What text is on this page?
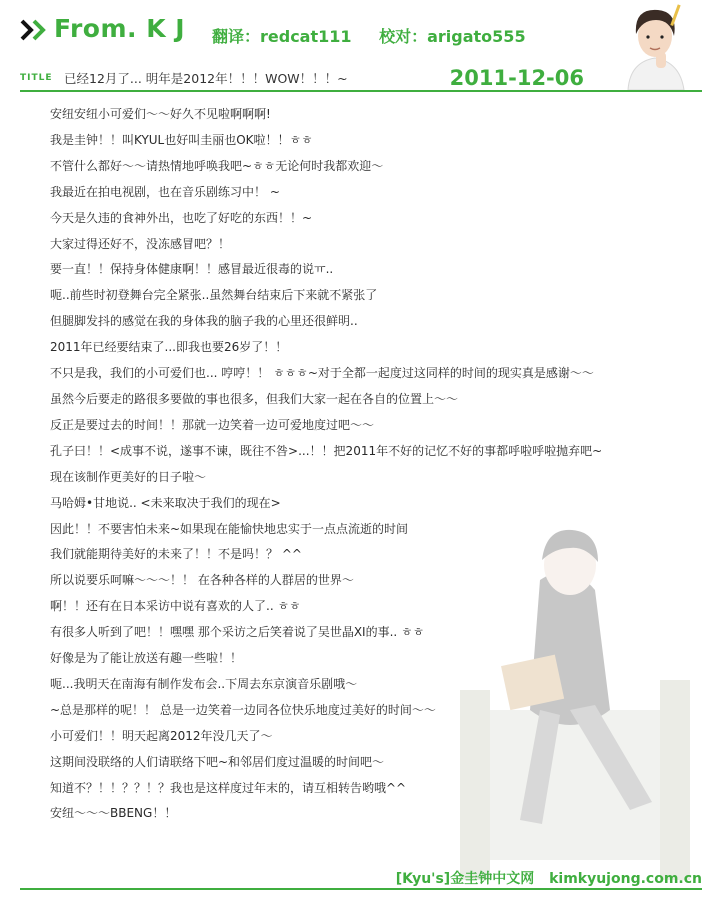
From. K J 翻译：redcat111 校对：arigato555
TITLE 已经12月了... 明年是2012年！！！WOW！！！~	2011-12-06
安纽安纽小可爱们～～好久不见啦啊啊啊!
我是圭钟！！叫KYUL也好叫圭丽也OK啦！！ㅎㅎ
不管什么都好～～请热情地呼唤我吧~ㅎㅎ无论何时我都欢迎～
我最近在拍电视剧，也在音乐剧练习中！ ~
今天是久违的食神外出，也吃了好吃的东西！！~
大家过得还好不，没冻感冒吧？！
要一直！！保持身体健康啊！！感冒最近很毒的说ㅠ..
呃..前些时初登舞台完全紧张..虽然舞台结束后下来就不紧张了
但腿脚发抖的感觉在我的身体我的脑子我的心里还很鲜明..
2011年已经要结束了...即我也要26岁了！！
不只是我，我们的小可爱们也... 哼哼！！ ㅎㅎㅎ~对于全都一起度过这同样的时间的现实真是感谢～～
虽然今后要走的路很多要做的事也很多，但我们大家一起在各自的位置上～～
反正是要过去的时间！！那就一边笑着一边可爱地度过吧～～
孔子曰！！<成事不说，遂事不谏，既往不咎>...！！把2011年不好的记忆不好的事都呼啦呼啦抛弃吧~
现在该制作更美好的日子啦～
马哈姆•甘地说.. <未来取决于我们的现在>
因此！！不要害怕未来~如果现在能愉快地忠实于一点点流逝的时间
我们就能期待美好的未来了！！不是吗！？ ^^
所以说要乐呵嘛～～～！！ 在各种各样的人群居的世界～
啊！！还有在日本采访中说有喜欢的人了.. ㅎㅎ
有很多人听到了吧！！嘿嘿 那个采访之后笑着说了吴世晶XI的事.. ㅎㅎ
好像是为了能让放送有趣一些啦！！
呃...我明天在南海有制作发布会..下周去东京演音乐剧哦～
~总是那样的呢！！ 总是一边笑着一边同各位快乐地度过美好的时间～～
小可爱们！！明天起离2012年没几天了～
这期间没联络的人们请联络下吧~和邻居们度过温暖的时间吧～
知道不？！！？？！？我也是这样度过年末的，请互相转告哟哦^^
安纽～～～BBENG！！
[Kyu's]金圭钟中文网 kimkyujong.com.cn
